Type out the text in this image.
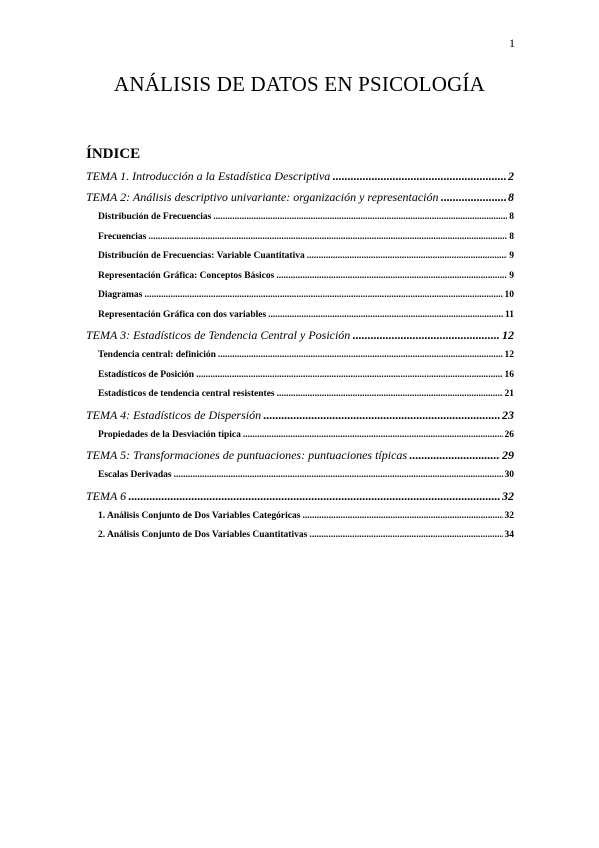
1
ANÁLISIS DE DATOS EN PSICOLOGÍA
ÍNDICE
TEMA 1. Introducción a la Estadística Descriptiva .....	2
TEMA 2: Análisis descriptivo univariante: organización y representación .....	8
Distribución de Frecuencias .....	8
Frecuencias .....	8
Distribución de Frecuencias: Variable Cuantitativa .....	9
Representación Gráfica: Conceptos Básicos .....	9
Diagramas .....	10
Representación Gráfica con dos variables .....	11
TEMA 3: Estadísticos de Tendencia Central y Posición .....	12
Tendencia central: definición .....	12
Estadísticos de Posición .....	16
Estadísticos de tendencia central resistentes .....	21
TEMA 4: Estadísticos de Dispersión .....	23
Propiedades de la Desviación típica .....	26
TEMA 5: Transformaciones de puntuaciones: puntuaciones típicas .....	29
Escalas Derivadas .....	30
TEMA 6 .....	32
1. Análisis Conjunto de Dos Variables Categóricas .....	32
2. Análisis Conjunto de Dos Variables Cuantitativas .....	34
